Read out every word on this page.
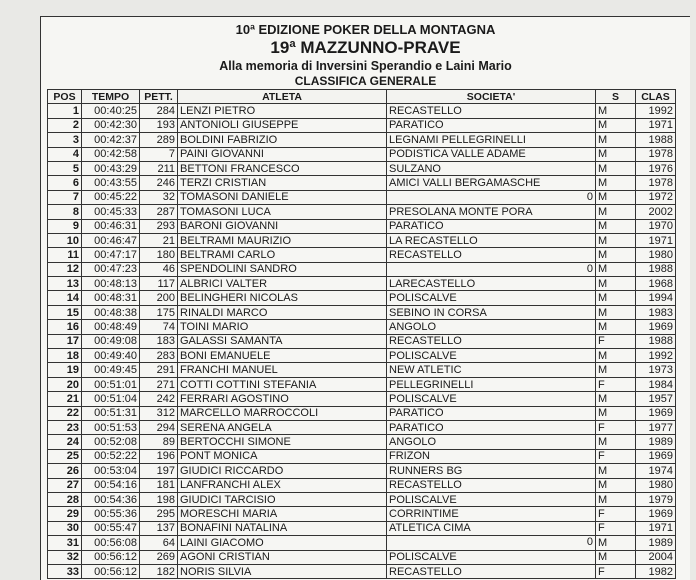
10ª EDIZIONE POKER DELLA MONTAGNA
19ª MAZZUNNO-PRAVE
Alla memoria di Inversini Sperandio e Laini Mario
CLASSIFICA GENERALE
POS	TEMPO	PETT.	ATLETA	SOCIETA'	S	CLAS
1	00:40:25	284	LENZI PIETRO	RECASTELLO	M	1992
2	00:42:30	193	ANTONIOLI GIUSEPPE	PARATICO	M	1971
3	00:42:37	289	BOLDINI FABRIZIO	LEGNAMI PELLEGRINELLI	M	1988
4	00:42:58	7	PAINI GIOVANNI	PODISTICA VALLE ADAME	M	1978
5	00:43:29	211	BETTONI FRANCESCO	SULZANO	M	1976
6	00:43:55	246	TERZI CRISTIAN	AMICI VALLI BERGAMASCHE	M	1978
7	00:45:22	32	TOMASONI DANIELE	0	M	1972
8	00:45:33	287	TOMASONI LUCA	PRESOLANA MONTE PORA	M	2002
9	00:46:31	293	BARONI GIOVANNI	PARATICO	M	1970
10	00:46:47	21	BELTRAMI MAURIZIO	LA RECASTELLO	M	1971
11	00:47:17	180	BELTRAMI CARLO	RECASTELLO	M	1980
12	00:47:23	46	SPENDOLINI SANDRO	0	M	1988
13	00:48:13	117	ALBRICI VALTER	LARECASTELLO	M	1968
14	00:48:31	200	BELINGHERI NICOLAS	POLISCALVE	M	1994
15	00:48:38	175	RINALDI MARCO	SEBINO IN CORSA	M	1983
16	00:48:49	74	TOINI MARIO	ANGOLO	M	1969
17	00:49:08	183	GALASSI SAMANTA	RECASTELLO	F	1988
18	00:49:40	283	BONI EMANUELE	POLISCALVE	M	1992
19	00:49:45	291	FRANCHI MANUEL	NEW ATLETIC	M	1973
20	00:51:01	271	COTTI COTTINI STEFANIA	PELLEGRINELLI	F	1984
21	00:51:04	242	FERRARI AGOSTINO	POLISCALVE	M	1957
22	00:51:31	312	MARCELLO MARROCCOLI	PARATICO	M	1969
23	00:51:53	294	SERENA ANGELA	PARATICO	F	1977
24	00:52:08	89	BERTOCCHI SIMONE	ANGOLO	M	1989
25	00:52:22	196	PONT MONICA	FRIZON	F	1969
26	00:53:04	197	GIUDICI RICCARDO	RUNNERS BG	M	1974
27	00:54:16	181	LANFRANCHI ALEX	RECASTELLO	M	1980
28	00:54:36	198	GIUDICI TARCISIO	POLISCALVE	M	1979
29	00:55:36	295	MORESCHI MARIA	CORRINTIME	F	1969
30	00:55:47	137	BONAFINI NATALINA	ATLETICA CIMA	F	1971
31	00:56:08	64	LAINI GIACOMO	0	M	1989
32	00:56:12	269	AGONI CRISTIAN	POLISCALVE	M	2004
33	00:56:12	182	NORIS SILVIA	RECASTELLO	F	1982
